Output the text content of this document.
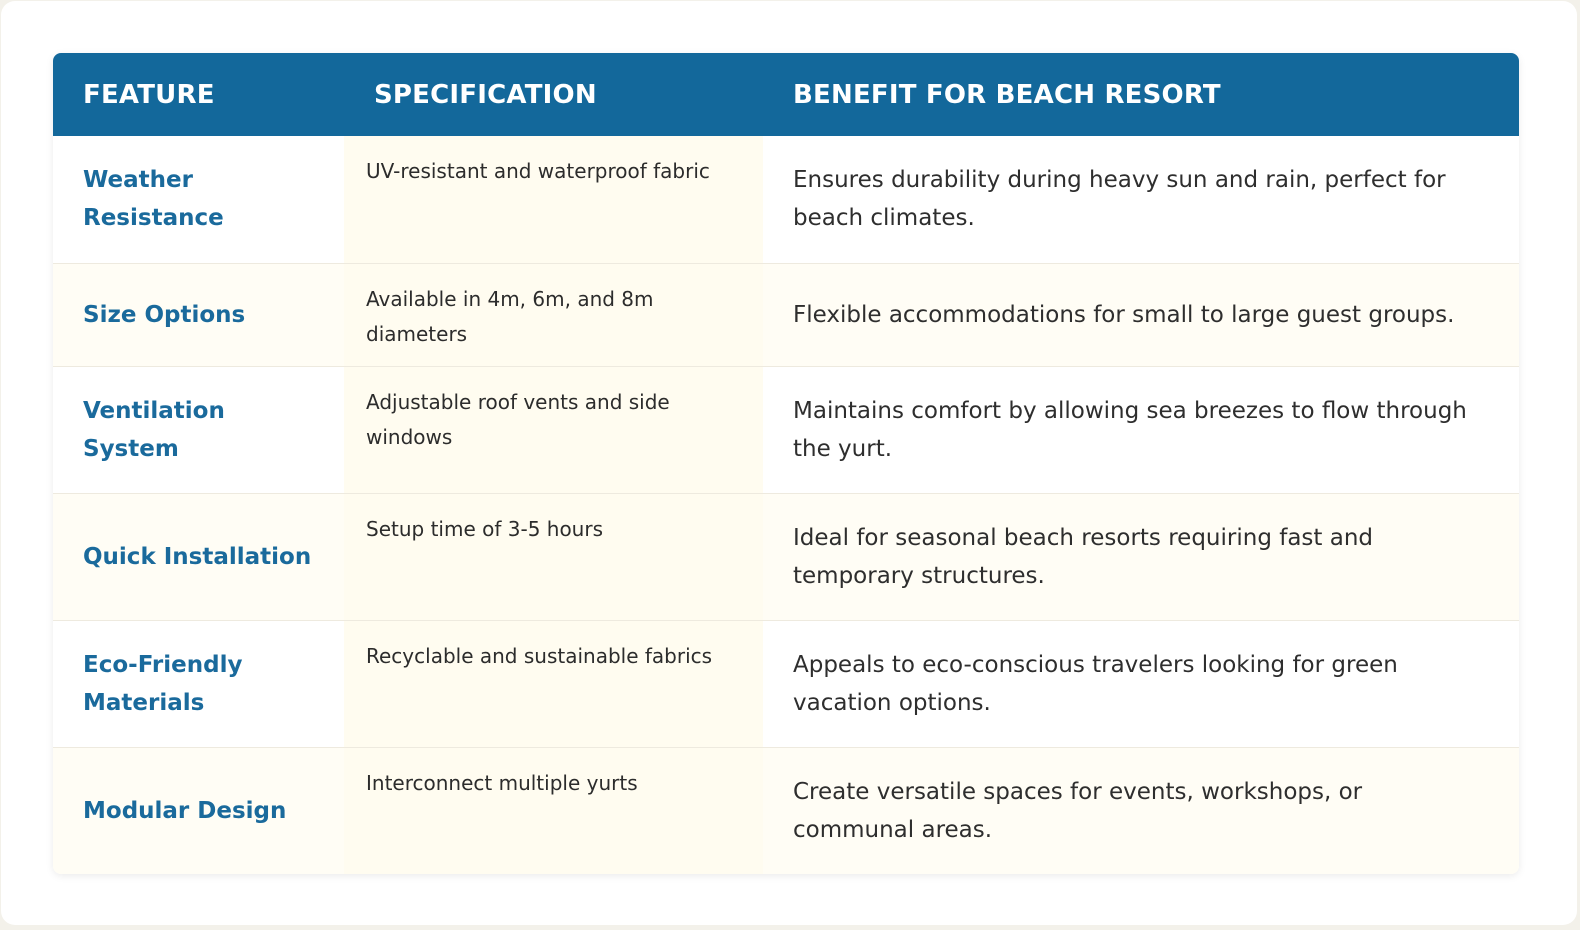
FEATURE	SPECIFICATION	BENEFIT FOR BEACH RESORT
Weather Resistance	UV-resistant and waterproof fabric	Ensures durability during heavy sun and rain, perfect for beach climates.
Size Options	Available in 4m, 6m, and 8m diameters	Flexible accommodations for small to large guest groups.
Ventilation System	Adjustable roof vents and side windows	Maintains comfort by allowing sea breezes to flow through the yurt.
Quick Installation	Setup time of 3-5 hours	Ideal for seasonal beach resorts requiring fast and temporary structures.
Eco-Friendly Materials	Recyclable and sustainable fabrics	Appeals to eco-conscious travelers looking for green vacation options.
Modular Design	Interconnect multiple yurts	Create versatile spaces for events, workshops, or communal areas.
